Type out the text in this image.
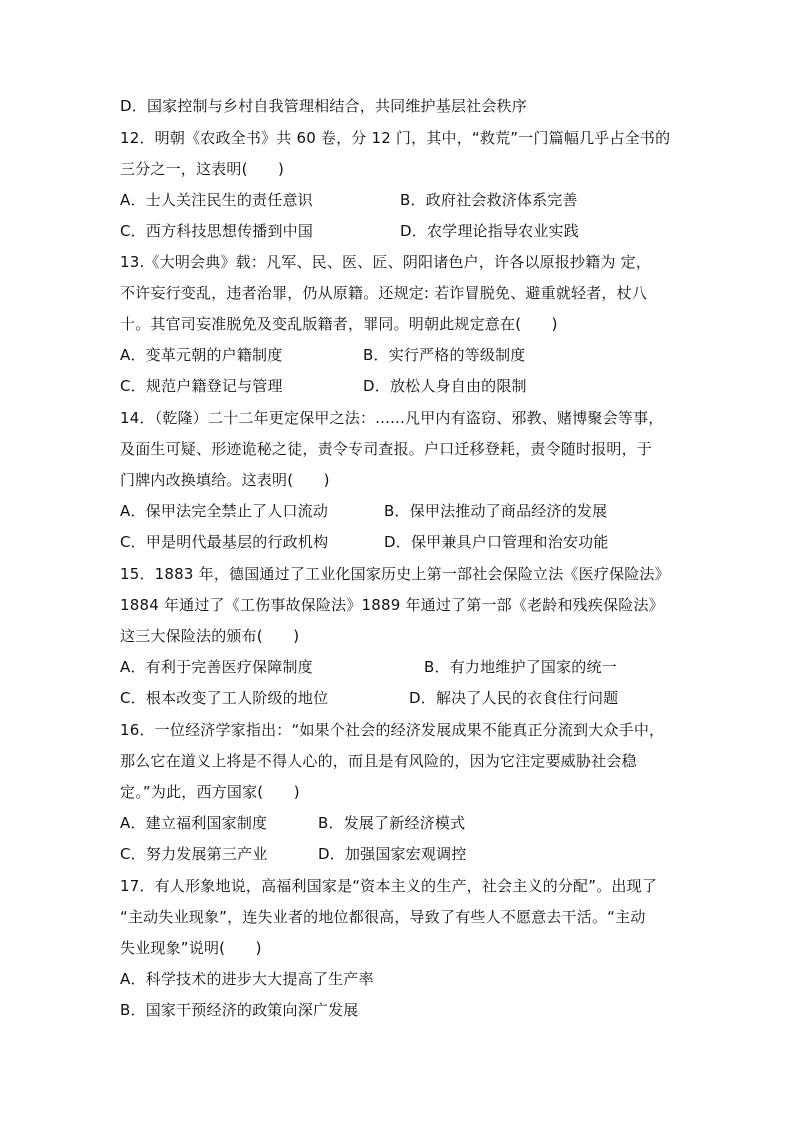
D．国家控制与乡村自我管理相结合，共同维护基层社会秩序
12．明朝《农政全书》共 60 卷，分 12 门，其中，“救荒”一门篇幅几乎占全书的
三分之一，这表明(　　)
A．士人关注民生的责任意识	B．政府社会救济体系完善
C．西方科技思想传播到中国	D．农学理论指导农业实践
13.《大明会典》载：凡军、民、医、匠、阴阳诸色户，许各以原报抄籍为 定，
不许妄行变乱，违者治罪，仍从原籍。还规定: 若诈冒脱免、避重就轻者，杖八
十。其官司妄准脱免及变乱版籍者，罪同。明朝此规定意在(　　)
A．变革元朝的户籍制度	B．实行严格的等级制度
C．规范户籍登记与管理	D．放松人身自由的限制
14．（乾隆）二十二年更定保甲之法：......凡甲内有盗窃、邪教、赌博聚会等事，
及面生可疑、形迹诡秘之徒，责令专司查报。户口迁移登耗，责令随时报明，于
门牌内改换填给。这表明(　　)
A．保甲法完全禁止了人口流动	B．保甲法推动了商品经济的发展
C．甲是明代最基层的行政机构	D．保甲兼具户口管理和治安功能
15．1883 年，德国通过了工业化国家历史上第一部社会保险立法《医疗保险法》
1884 年通过了《工伤事故保险法》1889 年通过了第一部《老龄和残疾保险法》
这三大保险法的颁布(　　)
A．有利于完善医疗保障制度	B．有力地维护了国家的统一
C．根本改变了工人阶级的地位	D．解决了人民的衣食住行问题
16．一位经济学家指出：“如果个社会的经济发展成果不能真正分流到大众手中，
那么它在道义上将是不得人心的，而且是有风险的，因为它注定要威胁社会稳
定。”为此，西方国家(　　)
A．建立福利国家制度	B．发展了新经济模式
C．努力发展第三产业	D．加强国家宏观调控
17．有人形象地说，高福利国家是“资本主义的生产，社会主义的分配”。出现了
“主动失业现象”，连失业者的地位都很高，导致了有些人不愿意去干活。“主动
失业现象”说明(　　)
A．科学技术的进步大大提高了生产率
B．国家干预经济的政策向深广发展
